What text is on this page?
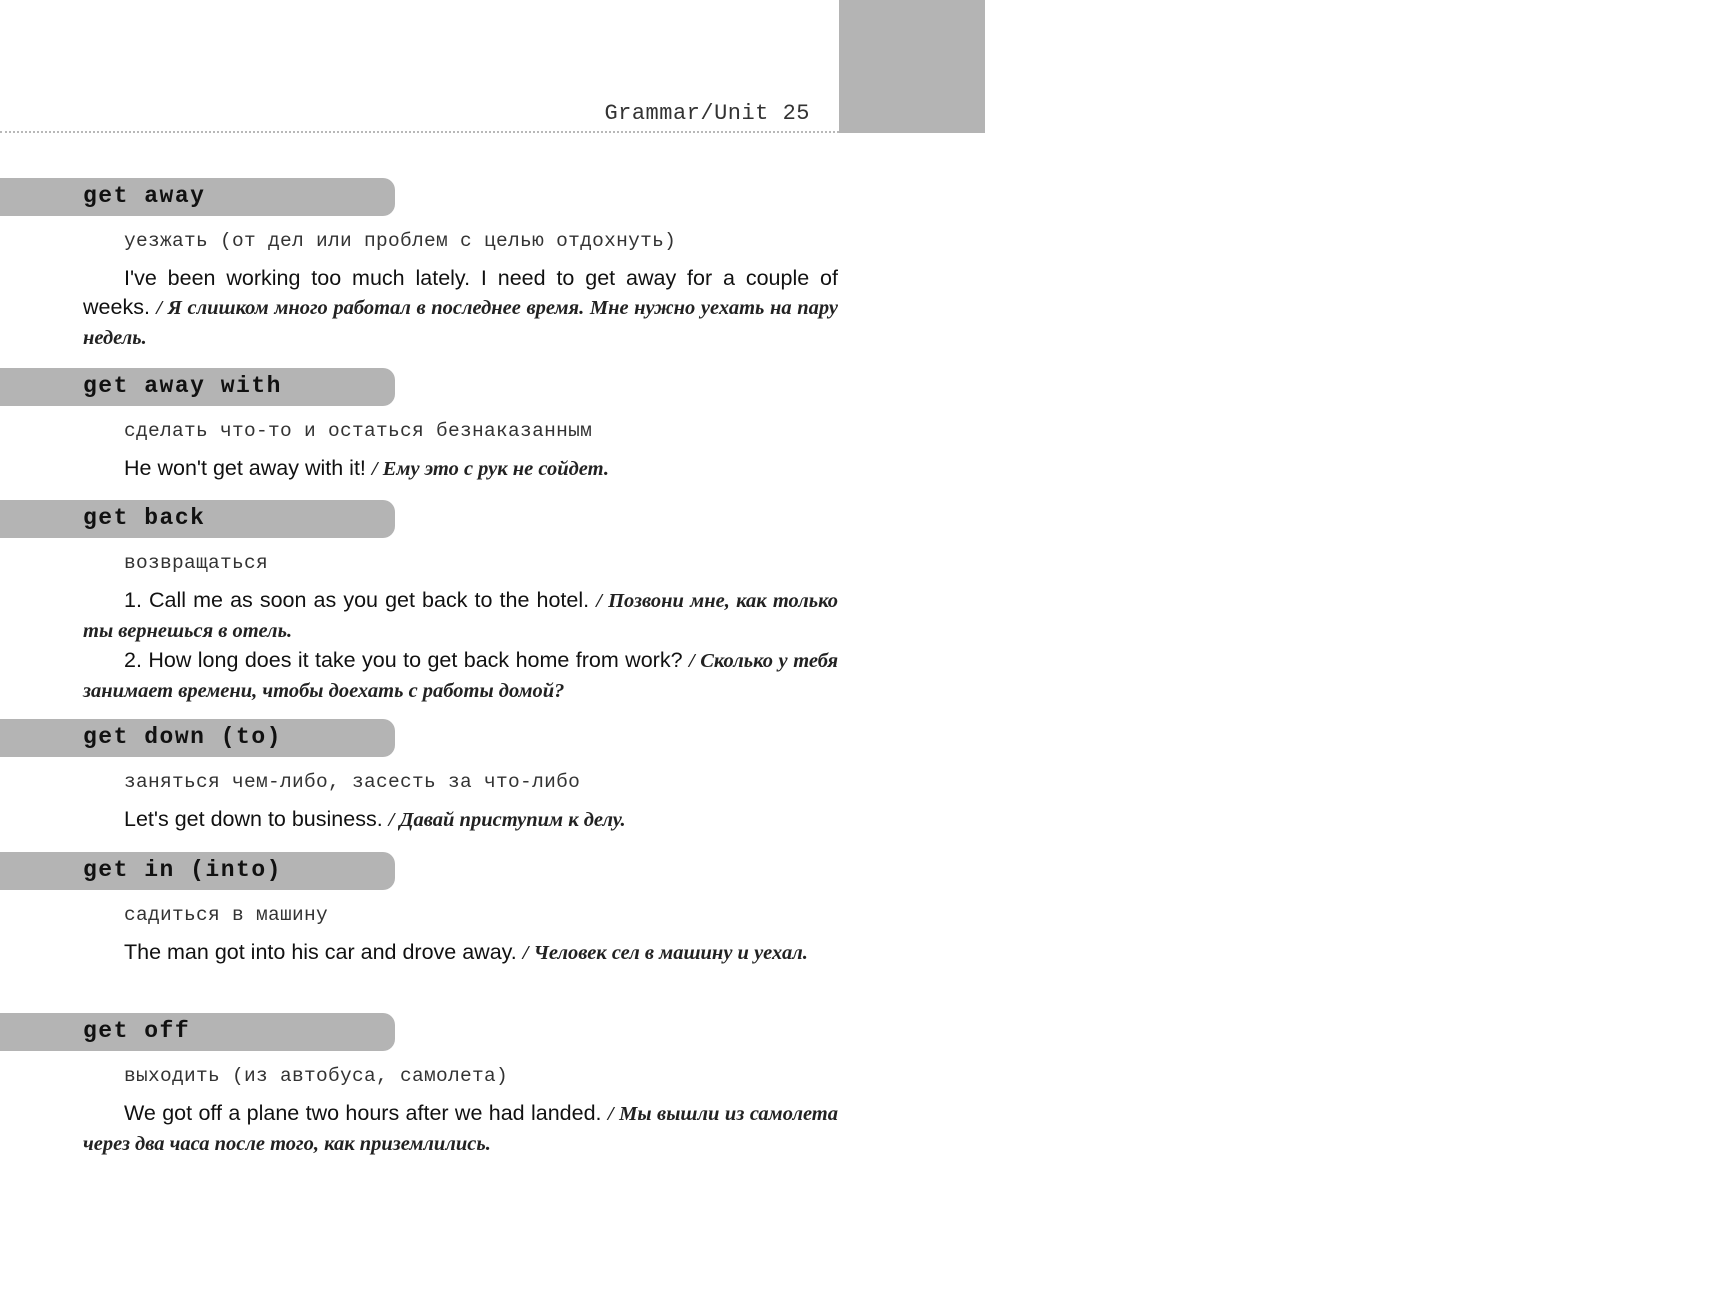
121
Grammar/Unit 25
get away
уезжать (от дел или проблем с целью отдохнуть)

I've been working too much lately. I need to get away for a couple of weeks. / Я слишком много работал в последнее время. Мне нужно уехать на пару недель.

get away with
сделать что-то и остаться безнаказанным

He won't get away with it! / Ему это с рук не сойдет.

get back
возвращаться

1. Call me as soon as you get back to the hotel. / Позвони мне, как только ты вернешься в отель.

2. How long does it take you to get back home from work? / Сколько у тебя занимает времени, чтобы доехать с работы домой?

get down (to)
заняться чем-либо, засесть за что-либо

Let's get down to business. / Давай приступим к делу.

get in (into)
садиться в машину

The man got into his car and drove away. / Человек сел в машину и уехал.

get off
выходить (из автобуса, самолета)

We got off a plane two hours after we had landed. / Мы вышли из самолета через два часа после того, как приземлились.
